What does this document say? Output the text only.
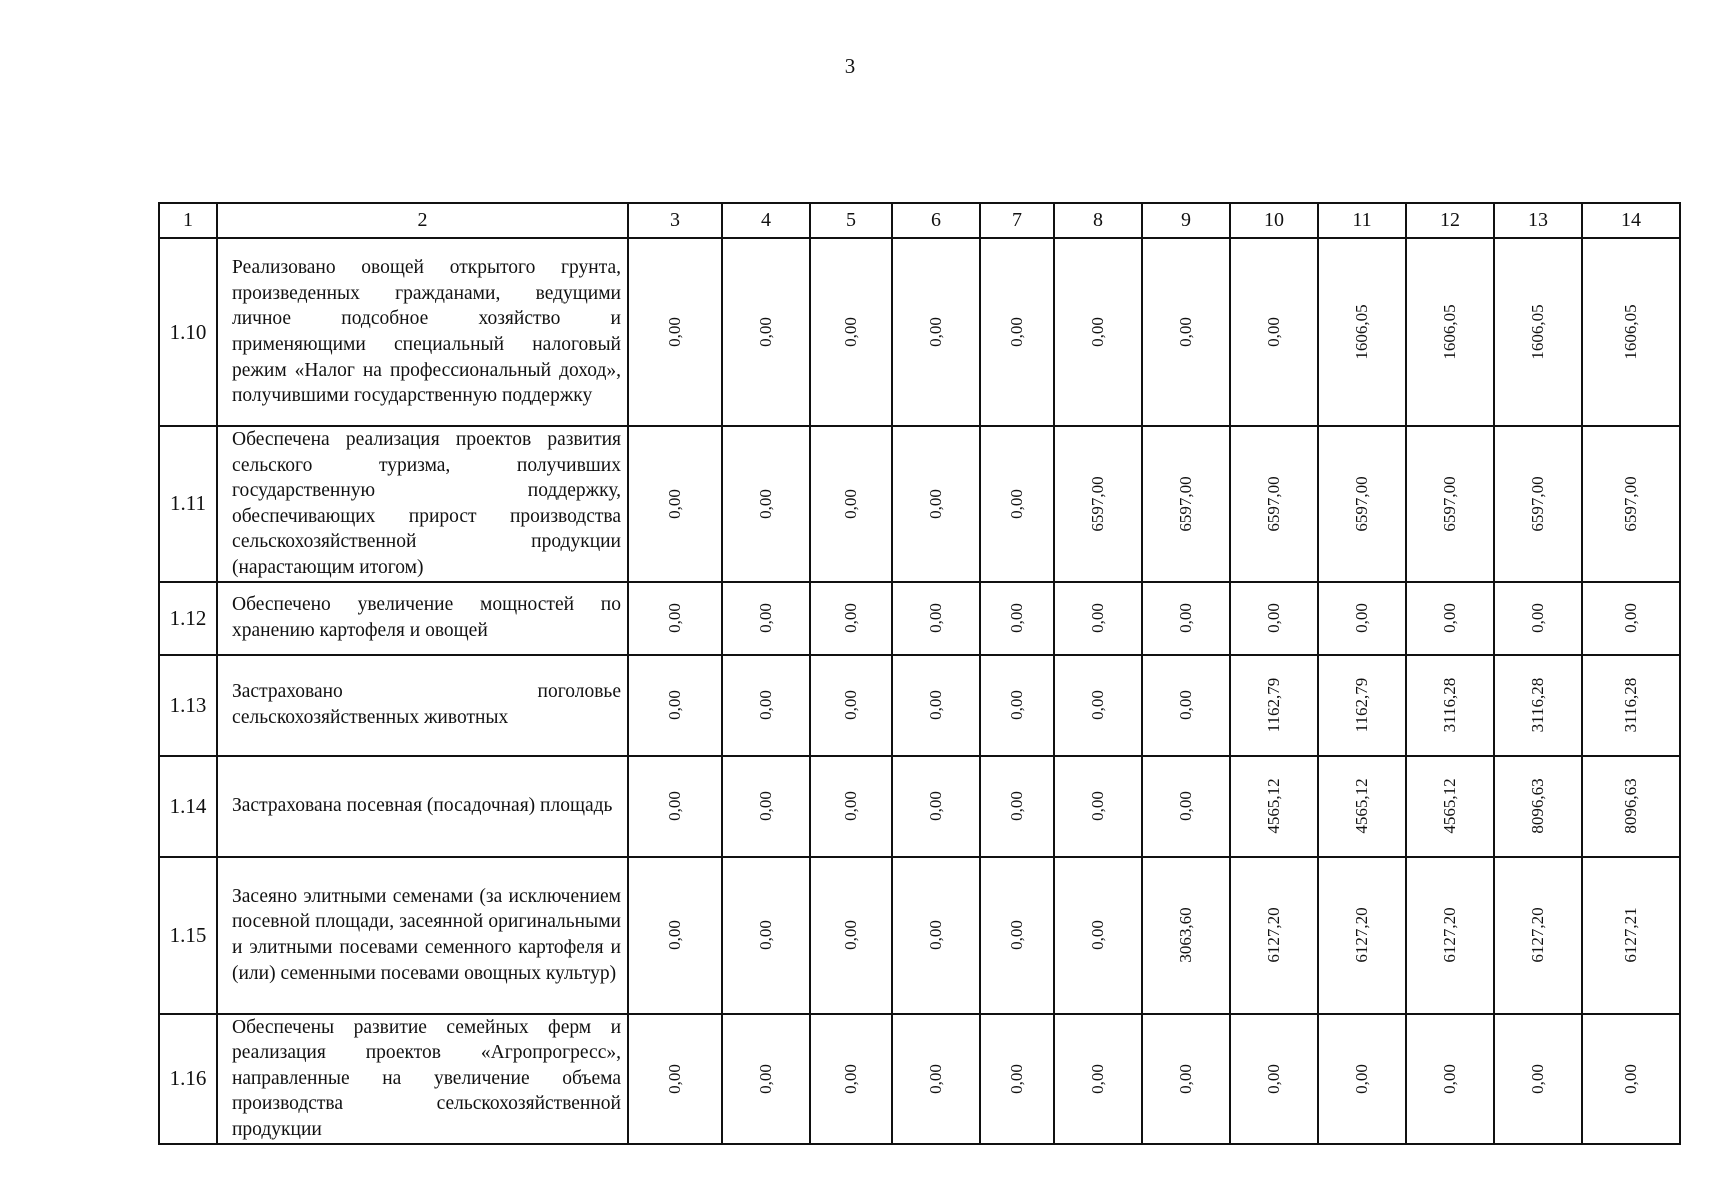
3
1	2	3	4	5	6	7	8	9	10	11	12	13	14
1.10	Реализовано овощей открытого грунта, произведенных гражданами, ведущими личное подсобное хозяйство и применяющими специальный налоговый режим «Налог на профессиональный доход», получившими государственную поддержку	0,00	0,00	0,00	0,00	0,00	0,00	0,00	0,00	1606,05	1606,05	1606,05	1606,05

1.11	Обеспечена реализация проектов развития сельского туризма, получивших государственную поддержку, обеспечивающих прирост производства сельскохозяйственной продукции (нарастающим итогом)	0,00	0,00	0,00	0,00	0,00	6597,00	6597,00	6597,00	6597,00	6597,00	6597,00	6597,00

1.12	Обеспечено увеличение мощностей по хранению картофеля и овощей	0,00	0,00	0,00	0,00	0,00	0,00	0,00	0,00	0,00	0,00	0,00	0,00

1.13	Застраховано поголовье сельскохозяйственных животных	0,00	0,00	0,00	0,00	0,00	0,00	0,00	1162,79	1162,79	3116,28	3116,28	3116,28

1.14	Застрахована посевная (посадочная) площадь	0,00	0,00	0,00	0,00	0,00	0,00	0,00	4565,12	4565,12	4565,12	8096,63	8096,63

1.15	Засеяно элитными семенами (за исключением посевной площади, засеянной оригинальными и элитными посевами семенного картофеля и (или) семенными посевами овощных культур)	0,00	0,00	0,00	0,00	0,00	0,00	3063,60	6127,20	6127,20	6127,20	6127,20	6127,21

1.16	Обеспечены развитие семейных ферм и реализация проектов «Агропрогресс», направленные на увеличение объема производства сельскохозяйственной продукции	0,00	0,00	0,00	0,00	0,00	0,00	0,00	0,00	0,00	0,00	0,00	0,00
